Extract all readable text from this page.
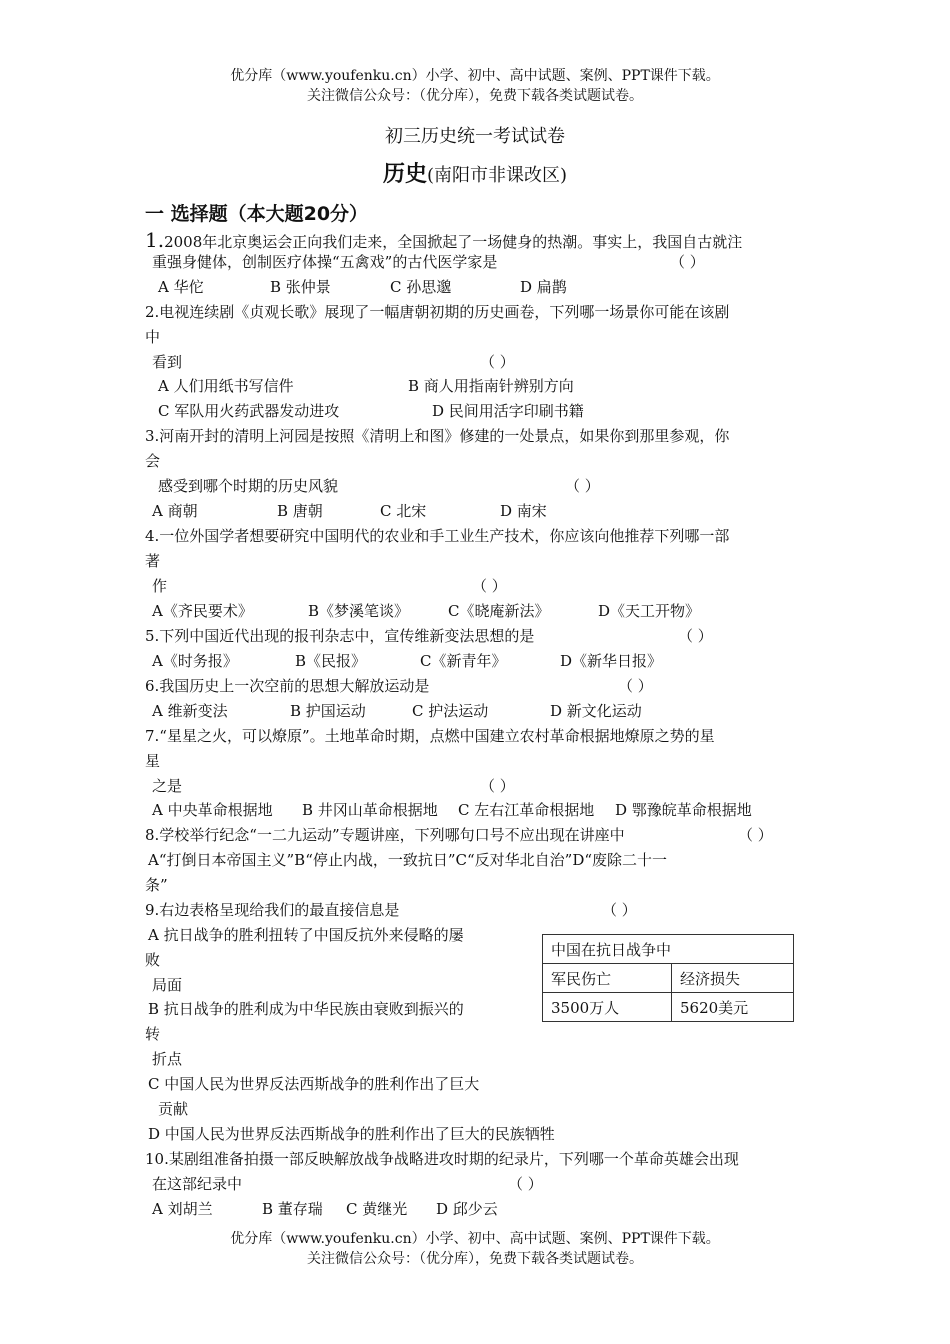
优分库（www.youfenku.cn）小学、初中、高中试题、案例、PPT课件下载。
关注微信公众号：（优分库），免费下载各类试题试卷。
初三历史统一考试试卷
历史(南阳市非课改区)
一 选择题（本大题20分）
1.2008年北京奥运会正向我们走来，全国掀起了一场健身的热潮。事实上，我国自古就注
重强身健体，创制医疗体操“五禽戏”的古代医学家是	（ ）
A 华佗	B 张仲景	C 孙思邈	D 扁鹊
2.电视连续剧《贞观长歌》展现了一幅唐朝初期的历史画卷，下列哪一场景你可能在该剧
中
看到	（ ）
A 人们用纸书写信件	B 商人用指南针辨别方向
C 军队用火药武器发动进攻	D 民间用活字印刷书籍
3.河南开封的清明上河园是按照《清明上和图》修建的一处景点，如果你到那里参观，你
会
感受到哪个时期的历史风貌	（ ）
A 商朝	B 唐朝	C 北宋	D 南宋
4.一位外国学者想要研究中国明代的农业和手工业生产技术，你应该向他推荐下列哪一部
著
作	（ ）
A《齐民要术》	B《梦溪笔谈》	C《晓庵新法》	D《天工开物》
5.下列中国近代出现的报刊杂志中，宣传维新变法思想的是	（ ）
A《时务报》	B《民报》	C《新青年》	D《新华日报》
6.我国历史上一次空前的思想大解放运动是	（ ）
A 维新变法	B 护国运动	C 护法运动	D 新文化运动
7.“星星之火，可以燎原”。土地革命时期，点燃中国建立农村革命根据地燎原之势的星
星
之是	（ ）
A 中央革命根据地 B 井冈山革命根据地 C 左右江革命根据地 D 鄂豫皖革命根据地
8.学校举行纪念“一二九运动”专题讲座，下列哪句口号不应出现在讲座中	（ ）
A“打倒日本帝国主义”B“停止内战，一致抗日”C“反对华北自治”D“废除二十一
条”
9.右边表格呈现给我们的最直接信息是	（ ）
A 抗日战争的胜利扭转了中国反抗外来侵略的屡
败
局面
B 抗日战争的胜利成为中华民族由衰败到振兴的
转
折点
C 中国人民为世界反法西斯战争的胜利作出了巨大
贡献
D 中国人民为世界反法西斯战争的胜利作出了巨大的民族牺牲
中国在抗日战争中	
军民伤亡	经济损失
3500万人	5620美元
10.某剧组准备拍摄一部反映解放战争战略进攻时期的纪录片，下列哪一个革命英雄会出现
在这部纪录中	（ ）
A 刘胡兰	B 董存瑞 C 黄继光 D 邱少云
优分库（www.youfenku.cn）小学、初中、高中试题、案例、PPT课件下载。
关注微信公众号：（优分库），免费下载各类试题试卷。
